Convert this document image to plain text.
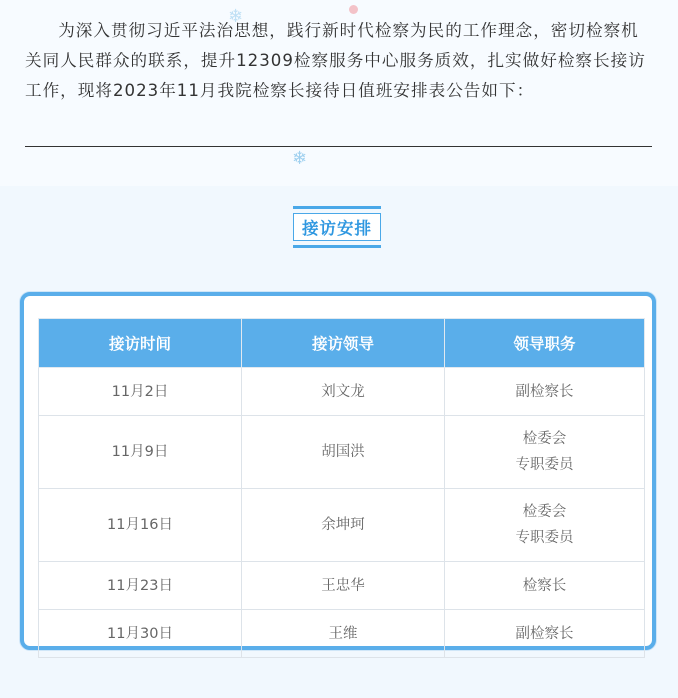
❄
为深入贯彻习近平法治思想，践行新时代检察为民的工作理念，密切检察机关同人民群众的联系，提升12309检察服务中心服务质效，扎实做好检察长接访工作，现将2023年11月我院检察长接待日值班安排表公告如下：
❄
接访安排
接访时间	接访领导	领导职务
11月2日	刘文龙	副检察长
11月9日	胡国洪	检委会
专职委员
11月16日	余坤珂	检委会
专职委员
11月23日	王忠华	检察长
11月30日	王维	副检察长
